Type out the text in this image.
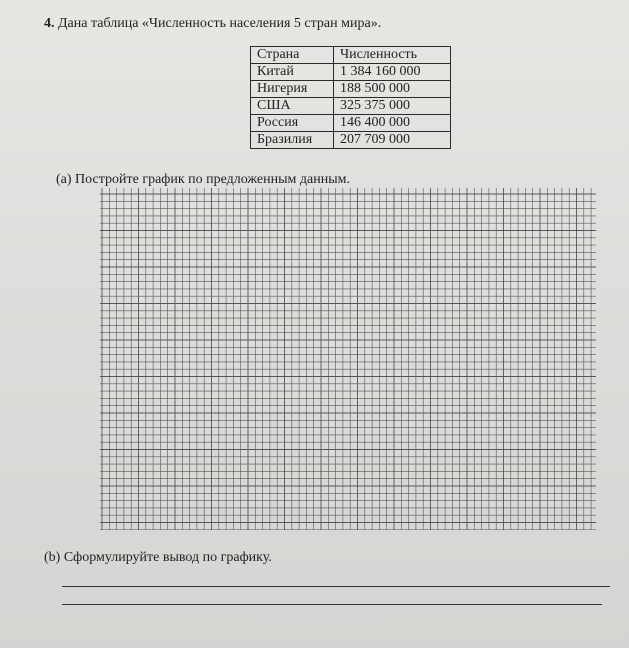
4. Дана таблица «Численность населения 5 стран мира».
Страна	Численность
Китай	1 384 160 000
Нигерия	188 500 000
США	325 375 000
Россия	146 400 000
Бразилия	207 709 000
(a) Постройте график по предложенным данным.
(b) Сформулируйте вывод по графику.
